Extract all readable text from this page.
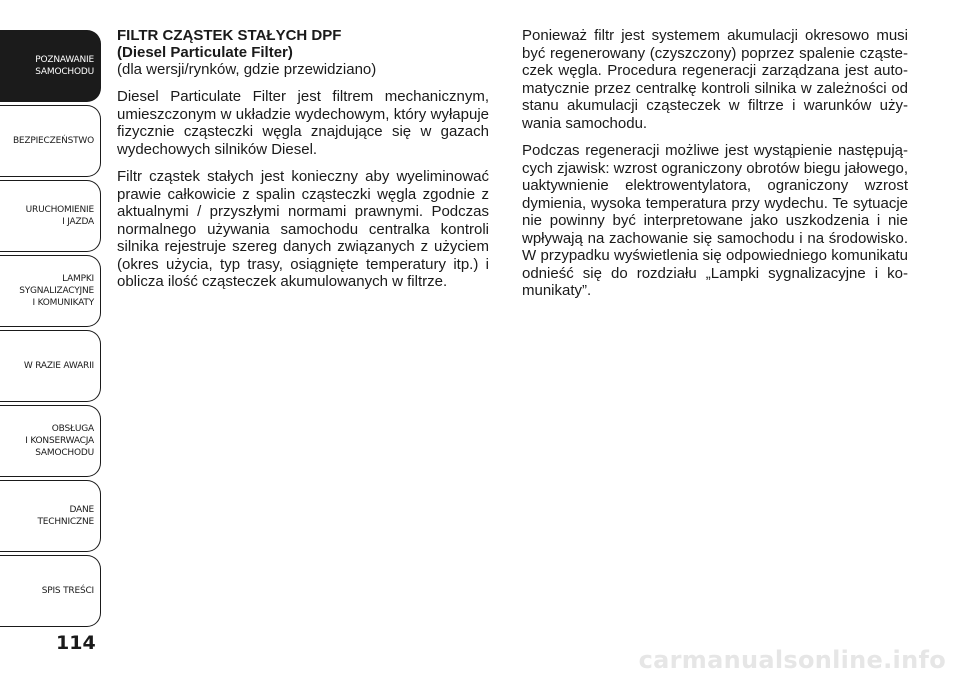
POZNAWANIE
SAMOCHODU
BEZPIECZEŃSTWO
URUCHOMIENIE
I JAZDA
LAMPKI
SYGNALIZACYJNE
I KOMUNIKATY
W RAZIE AWARII
OBSŁUGA
I KONSERWACJA
SAMOCHODU
DANE
TECHNICZNE
SPIS TREŚCI
114
FILTR CZĄSTEK STAŁYCH DPF
(Diesel Particulate Filter)

(dla wersji/rynków, gdzie przewidziano)

Diesel Particulate Filter jest filtrem mechanicznym, umieszczonym w układzie wydechowym, który wyłapuje fizycznie cząsteczki węgla znajdujące się w gazach wydechowych silników Diesel.

Filtr cząstek stałych jest konieczny aby wyeliminować prawie całkowicie z spalin cząsteczki węgla zgodnie z aktualnymi / przyszłymi normami prawnymi. Podczas normalnego używania samochodu centralka kontroli silnika rejestruje szereg danych związanych z użyciem (okres użycia, typ trasy, osiągnięte temperatury itp.) i oblicza ilość cząsteczek akumulowanych w filtrze.

Ponieważ filtr jest systemem akumulacji okresowo musi być regenerowany (czyszczony) poprzez spalenie cząsteczek węgla. Procedura regeneracji zarządzana jest automatycznie przez centralkę kontroli silnika w zależności od stanu akumulacji cząsteczek w filtrze i warunków używania samochodu.

Podczas regeneracji możliwe jest wystąpienie następujących zjawisk: wzrost ograniczony obrotów biegu jałowego, uaktywnienie elektrowentylatora, ograniczony wzrost dymienia, wysoka temperatura przy wydechu. Te sytuacje nie powinny być interpretowane jako uszkodzenia i nie wpływają na zachowanie się samochodu i na środowisko. W przypadku wyświetlenia się odpowiedniego komunikatu odnieść się do rozdziału „Lampki sygnalizacyjne i komunikaty”.

carmanualsonline.info
